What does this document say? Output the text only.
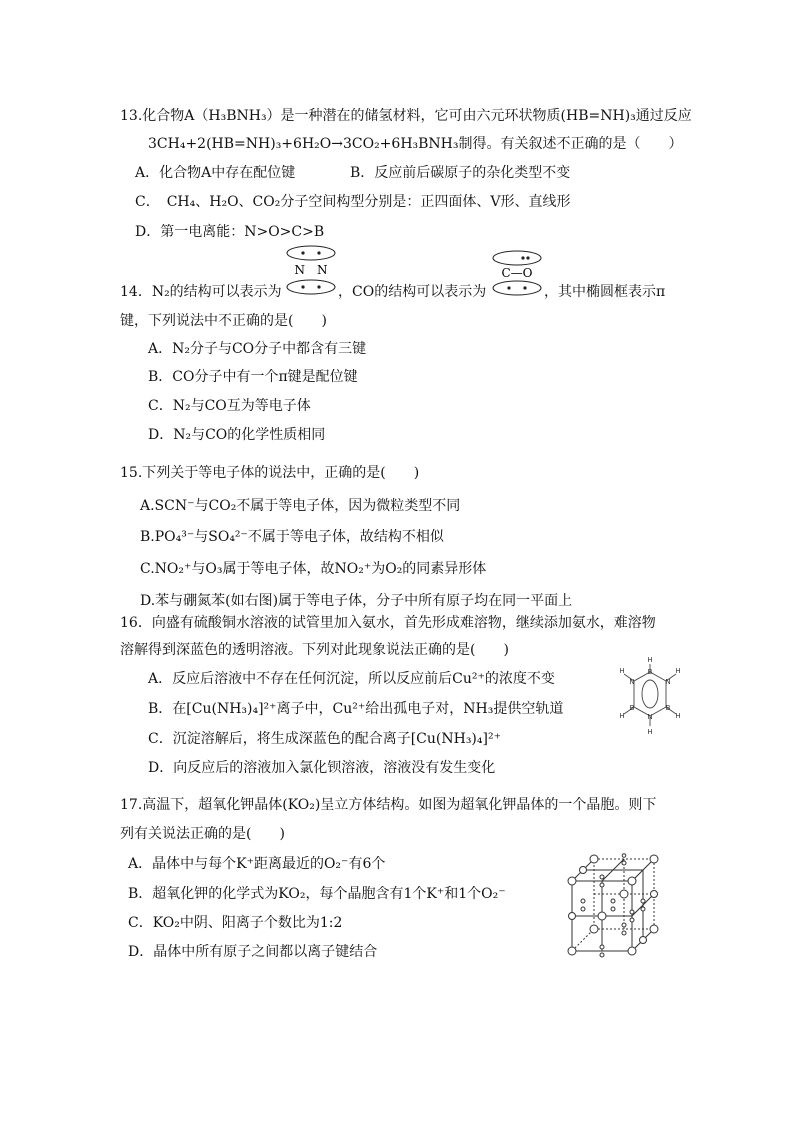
13.化合物A（H₃BNH₃）是一种潜在的储氢材料，它可由六元环状物质(HB=NH)₃通过反应
3CH₄+2(HB=NH)₃+6H₂O→3CO₂+6H₃BNH₃制得。有关叙述不正确的是（　　）
A．化合物A中存在配位键	B．反应前后碳原子的杂化类型不变
C．　CH₄、H₂O、CO₂分子空间构型分别是：正四面体、V形、直线形
D．第一电离能：N>O>C>B
N　N	C—O
14．N₂的结构可以表示为	，CO的结构可以表示为	，其中椭圆框表示π
键，下列说法中不正确的是(　　)
A．N₂分子与CO分子中都含有三键
B．CO分子中有一个π键是配位键
C．N₂与CO互为等电子体
D．N₂与CO的化学性质相同
15.下列关于等电子体的说法中，正确的是(　　)
A.SCN⁻与CO₂不属于等电子体，因为微粒类型不同
B.PO₄³⁻与SO₄²⁻不属于等电子体，故结构不相似
C.NO₂⁺与O₃属于等电子体，故NO₂⁺为O₂的同素异形体
D.苯与硼氮苯(如右图)属于等电子体，分子中所有原子均在同一平面上
16．向盛有硫酸铜水溶液的试管里加入氨水，首先形成难溶物，继续添加氨水，难溶物
溶解得到深蓝色的透明溶液。下列对此现象说法正确的是(　　)
A．反应后溶液中不存在任何沉淀，所以反应前后Cu²⁺的浓度不变
B．在[Cu(NH₃)₄]²⁺离子中，Cu²⁺给出孤电子对，NH₃提供空轨道
C．沉淀溶解后，将生成深蓝色的配合离子[Cu(NH₃)₄]²⁺
D．向反应后的溶液加入氯化钡溶液，溶液没有发生变化
H
H	B
N	N
H
H
B	B
H
N
H
17.高温下，超氧化钾晶体(KO₂)呈立方体结构。如图为超氧化钾晶体的一个晶胞。则下
列有关说法正确的是(　　)
A．晶体中与每个K⁺距离最近的O₂⁻有6个
B．超氧化钾的化学式为KO₂，每个晶胞含有1个K⁺和1个O₂⁻
C．KO₂中阴、阳离子个数比为1:2
D．晶体中所有原子之间都以离子键结合
